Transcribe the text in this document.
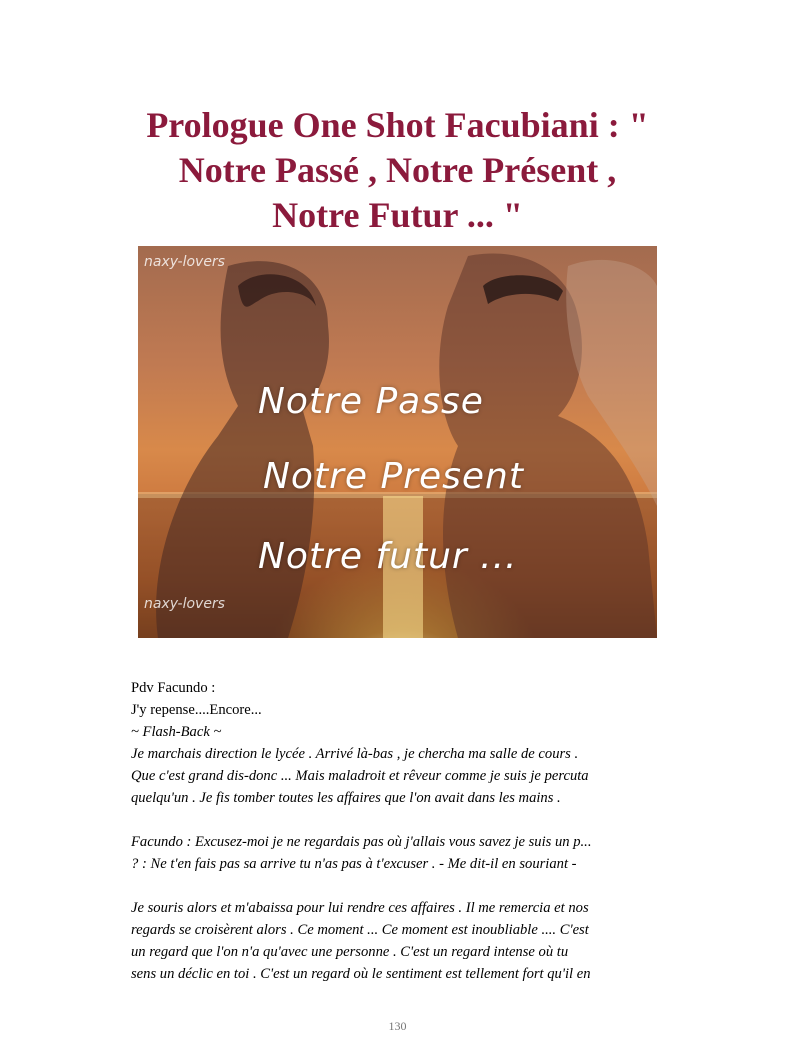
Prologue One Shot Facubiani : "
Notre Passé , Notre Présent ,
Notre Futur ... "
naxy-lovers
naxy-lovers
Notre Passe
Notre Present
Notre futur ...

Pdv Facundo :

J'y repense....Encore...

~ Flash-Back ~

Je marchais direction le lycée . Arrivé là-bas , je chercha ma salle de cours .

Que c'est grand dis-donc ... Mais maladroit et rêveur comme je suis je percuta

quelqu'un . Je fis tomber toutes les affaires que l'on avait dans les mains .

Facundo : Excusez-moi je ne regardais pas où j'allais vous savez je suis un p...

? : Ne t'en fais pas sa arrive tu n'as pas à t'excuser . - Me dit-il en souriant -

Je souris alors et m'abaissa pour lui rendre ces affaires . Il me remercia et nos

regards se croisèrent alors . Ce moment ... Ce moment est inoubliable .... C'est

un regard que l'on n'a qu'avec une personne . C'est un regard intense où tu

sens un déclic en toi . C'est un regard où le sentiment est tellement fort qu'il en

130
